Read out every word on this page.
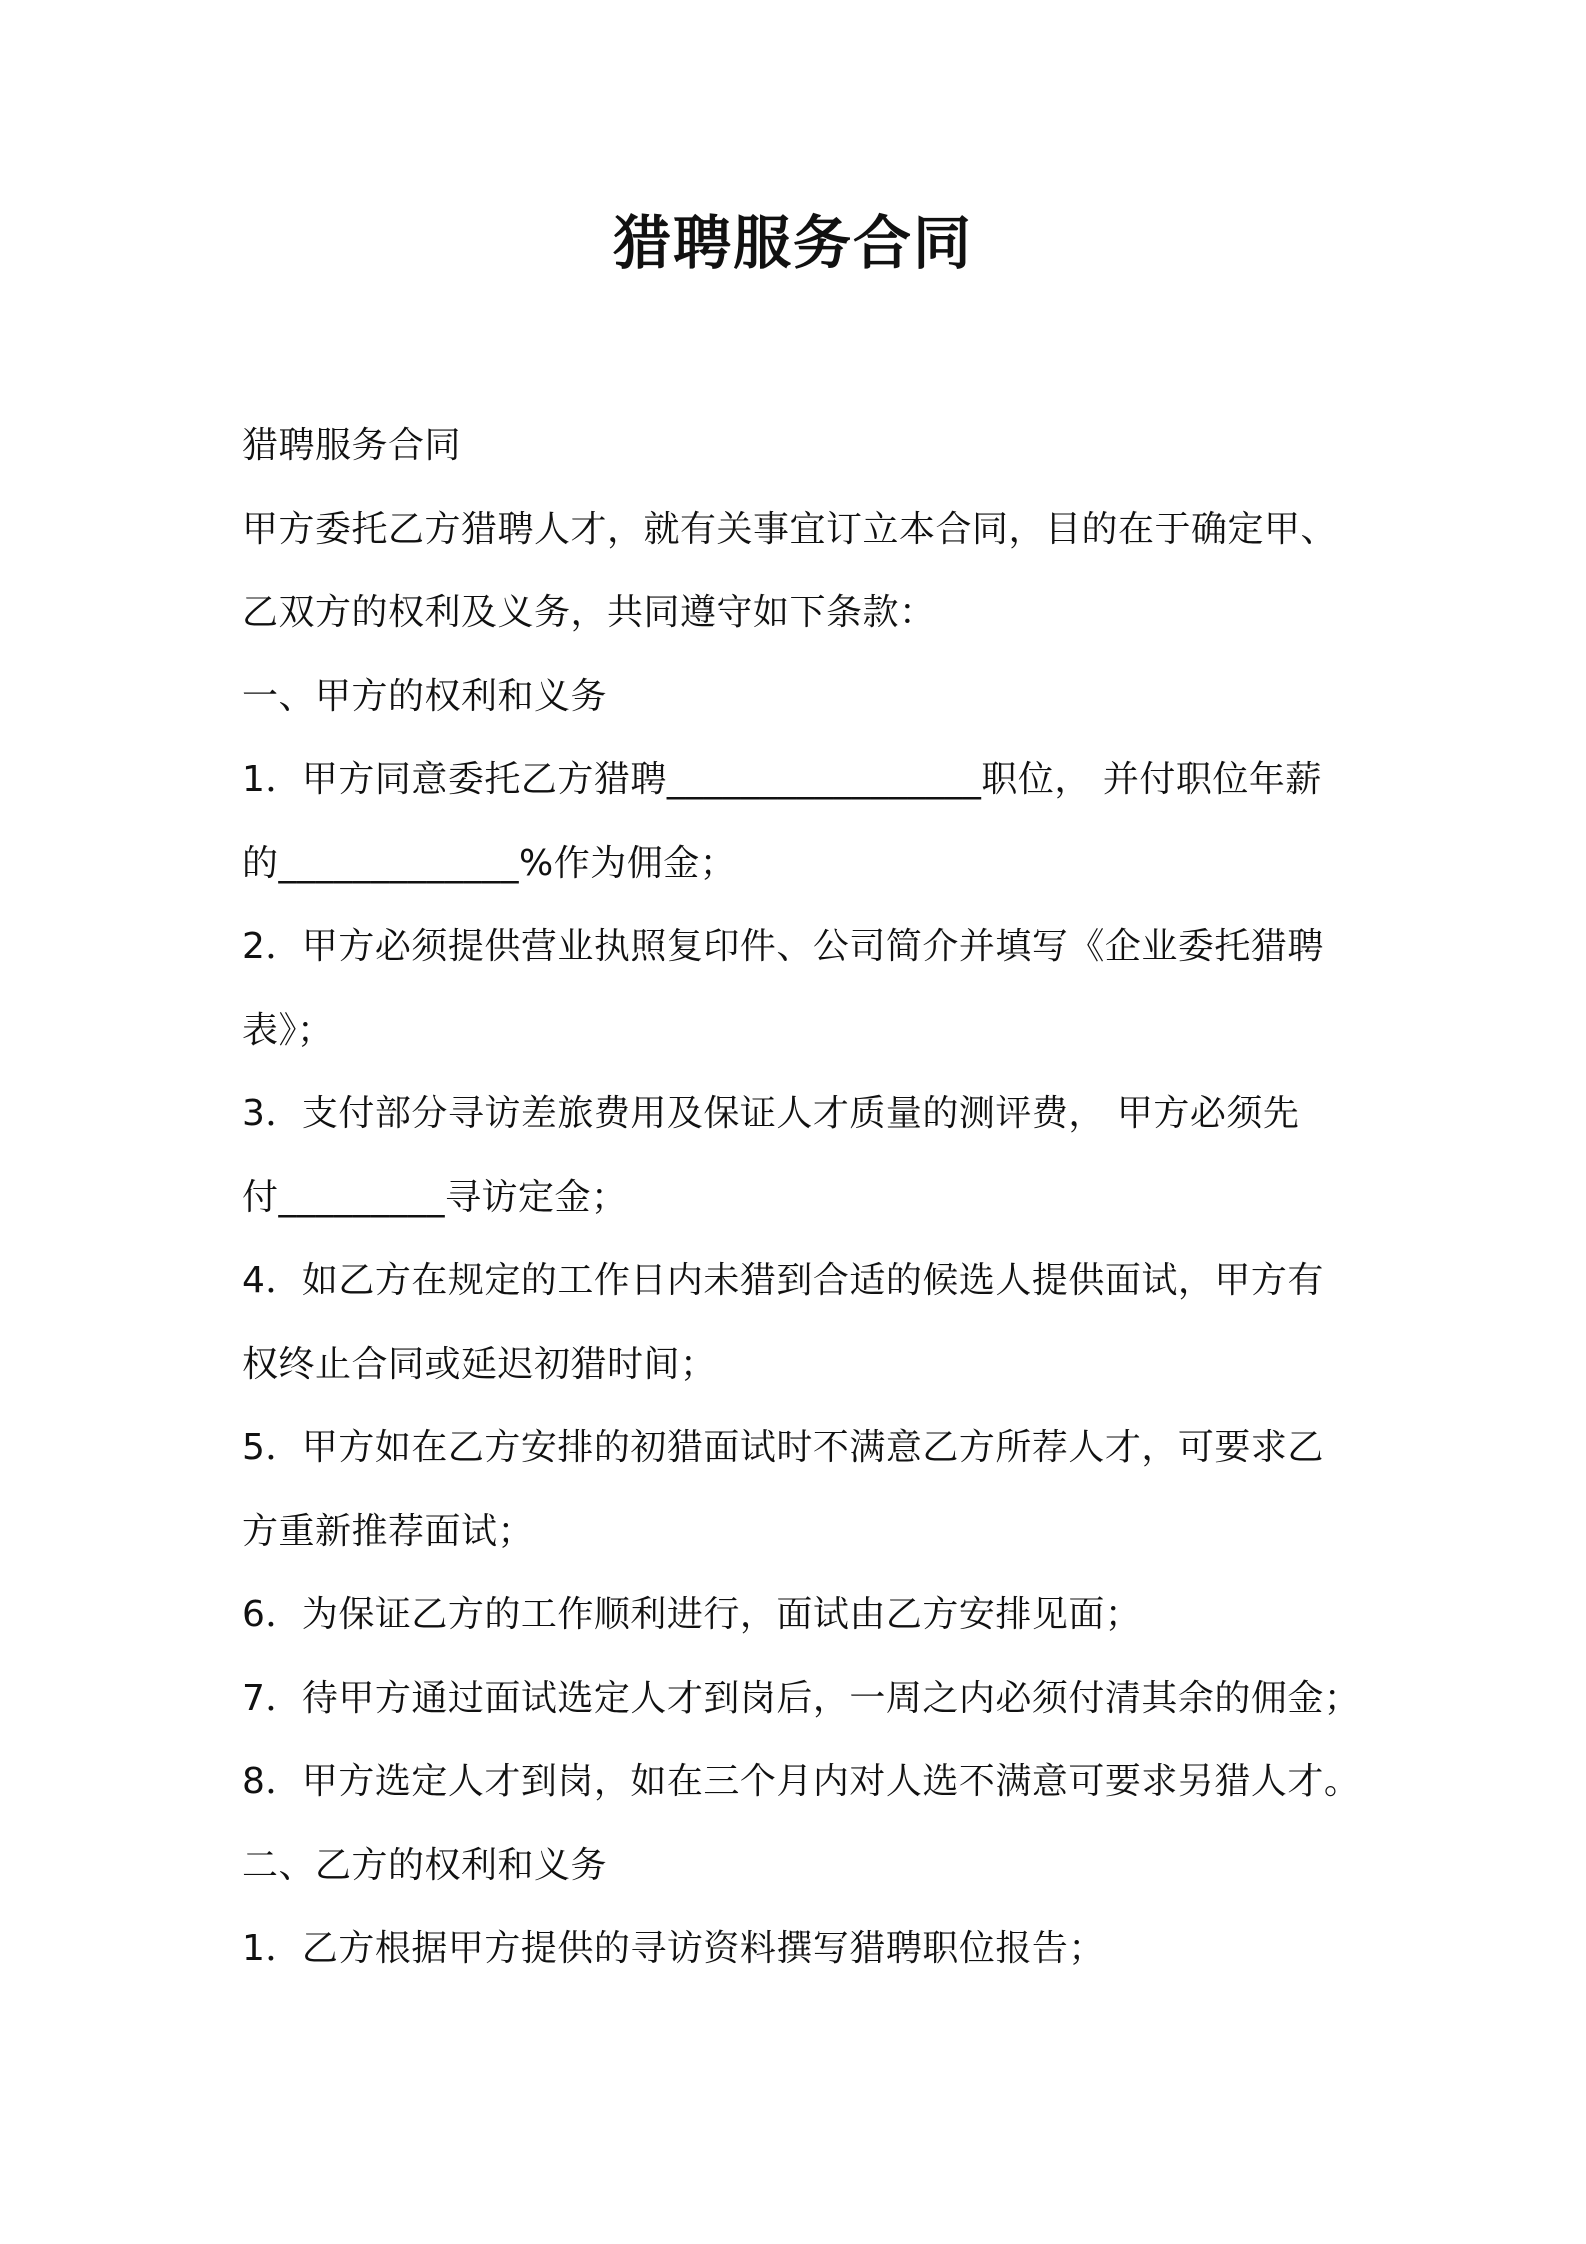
猎聘服务合同
猎聘服务合同
甲方委托乙方猎聘人才，就有关事宜订立本合同，目的在于确定甲、
乙双方的权利及义务，共同遵守如下条款：
一、甲方的权利和义务
1．甲方同意委托乙方猎聘_________________职位， 并付职位年薪
的_____________%作为佣金；
2．甲方必须提供营业执照复印件、公司简介并填写《企业委托猎聘
表》；
3．支付部分寻访差旅费用及保证人才质量的测评费， 甲方必须先
付_________寻访定金；
4．如乙方在规定的工作日内未猎到合适的候选人提供面试，甲方有
权终止合同或延迟初猎时间；
5．甲方如在乙方安排的初猎面试时不满意乙方所荐人才，可要求乙
方重新推荐面试；
6．为保证乙方的工作顺利进行，面试由乙方安排见面；
7．待甲方通过面试选定人才到岗后，一周之内必须付清其余的佣金；
8．甲方选定人才到岗，如在三个月内对人选不满意可要求另猎人才。
二、乙方的权利和义务
1．乙方根据甲方提供的寻访资料撰写猎聘职位报告；
